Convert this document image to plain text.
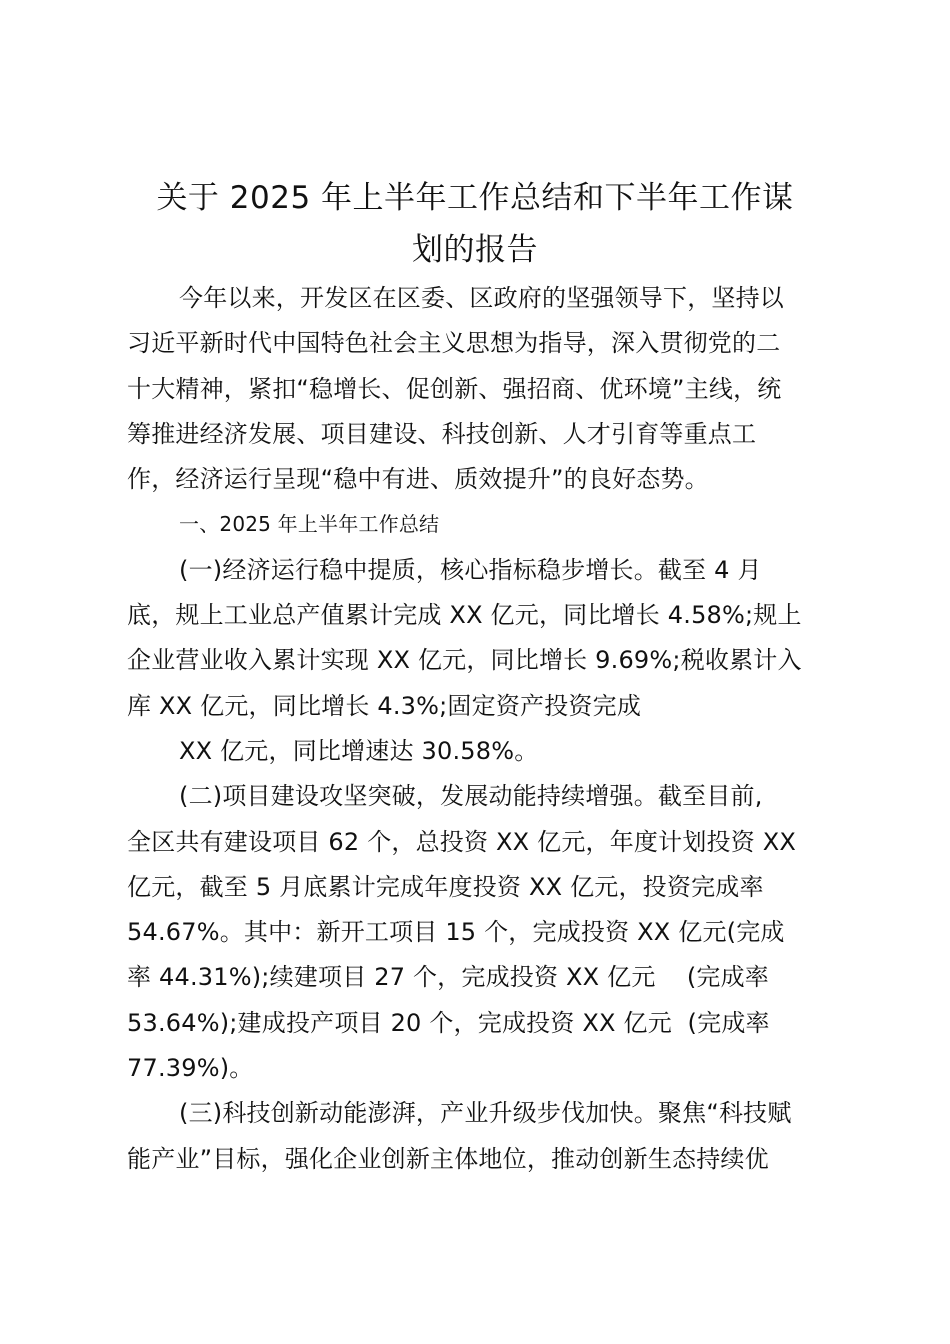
关于 2025 年上半年工作总结和下半年工作谋
划的报告
今年以来，开发区在区委、区政府的坚强领导下，坚持以
习近平新时代中国特色社会主义思想为指导，深入贯彻党的二
十大精神，紧扣“稳增长、促创新、强招商、优环境”主线，统
筹推进经济发展、项目建设、科技创新、人才引育等重点工
作，经济运行呈现“稳中有进、质效提升”的良好态势。
一、2025 年上半年工作总结
(一)经济运行稳中提质，核心指标稳步增长。截至 4 月
底，规上工业总产值累计完成 XX 亿元，同比增长 4.58%;规上
企业营业收入累计实现 XX 亿元，同比增长 9.69%;税收累计入
库 XX 亿元，同比增长 4.3%;固定资产投资完成
XX 亿元，同比增速达 30.58%。
(二)项目建设攻坚突破，发展动能持续增强。截至目前,
全区共有建设项目 62 个，总投资 XX 亿元，年度计划投资 XX
亿元，截至 5 月底累计完成年度投资 XX 亿元，投资完成率
54.67%。其中：新开工项目 15 个，完成投资 XX 亿元(完成
率 44.31%);续建项目 27 个，完成投资 XX 亿元    (完成率
53.64%);建成投产项目 20 个，完成投资 XX 亿元  (完成率
77.39%)。
(三)科技创新动能澎湃，产业升级步伐加快。聚焦“科技赋
能产业”目标，强化企业创新主体地位，推动创新生态持续优
